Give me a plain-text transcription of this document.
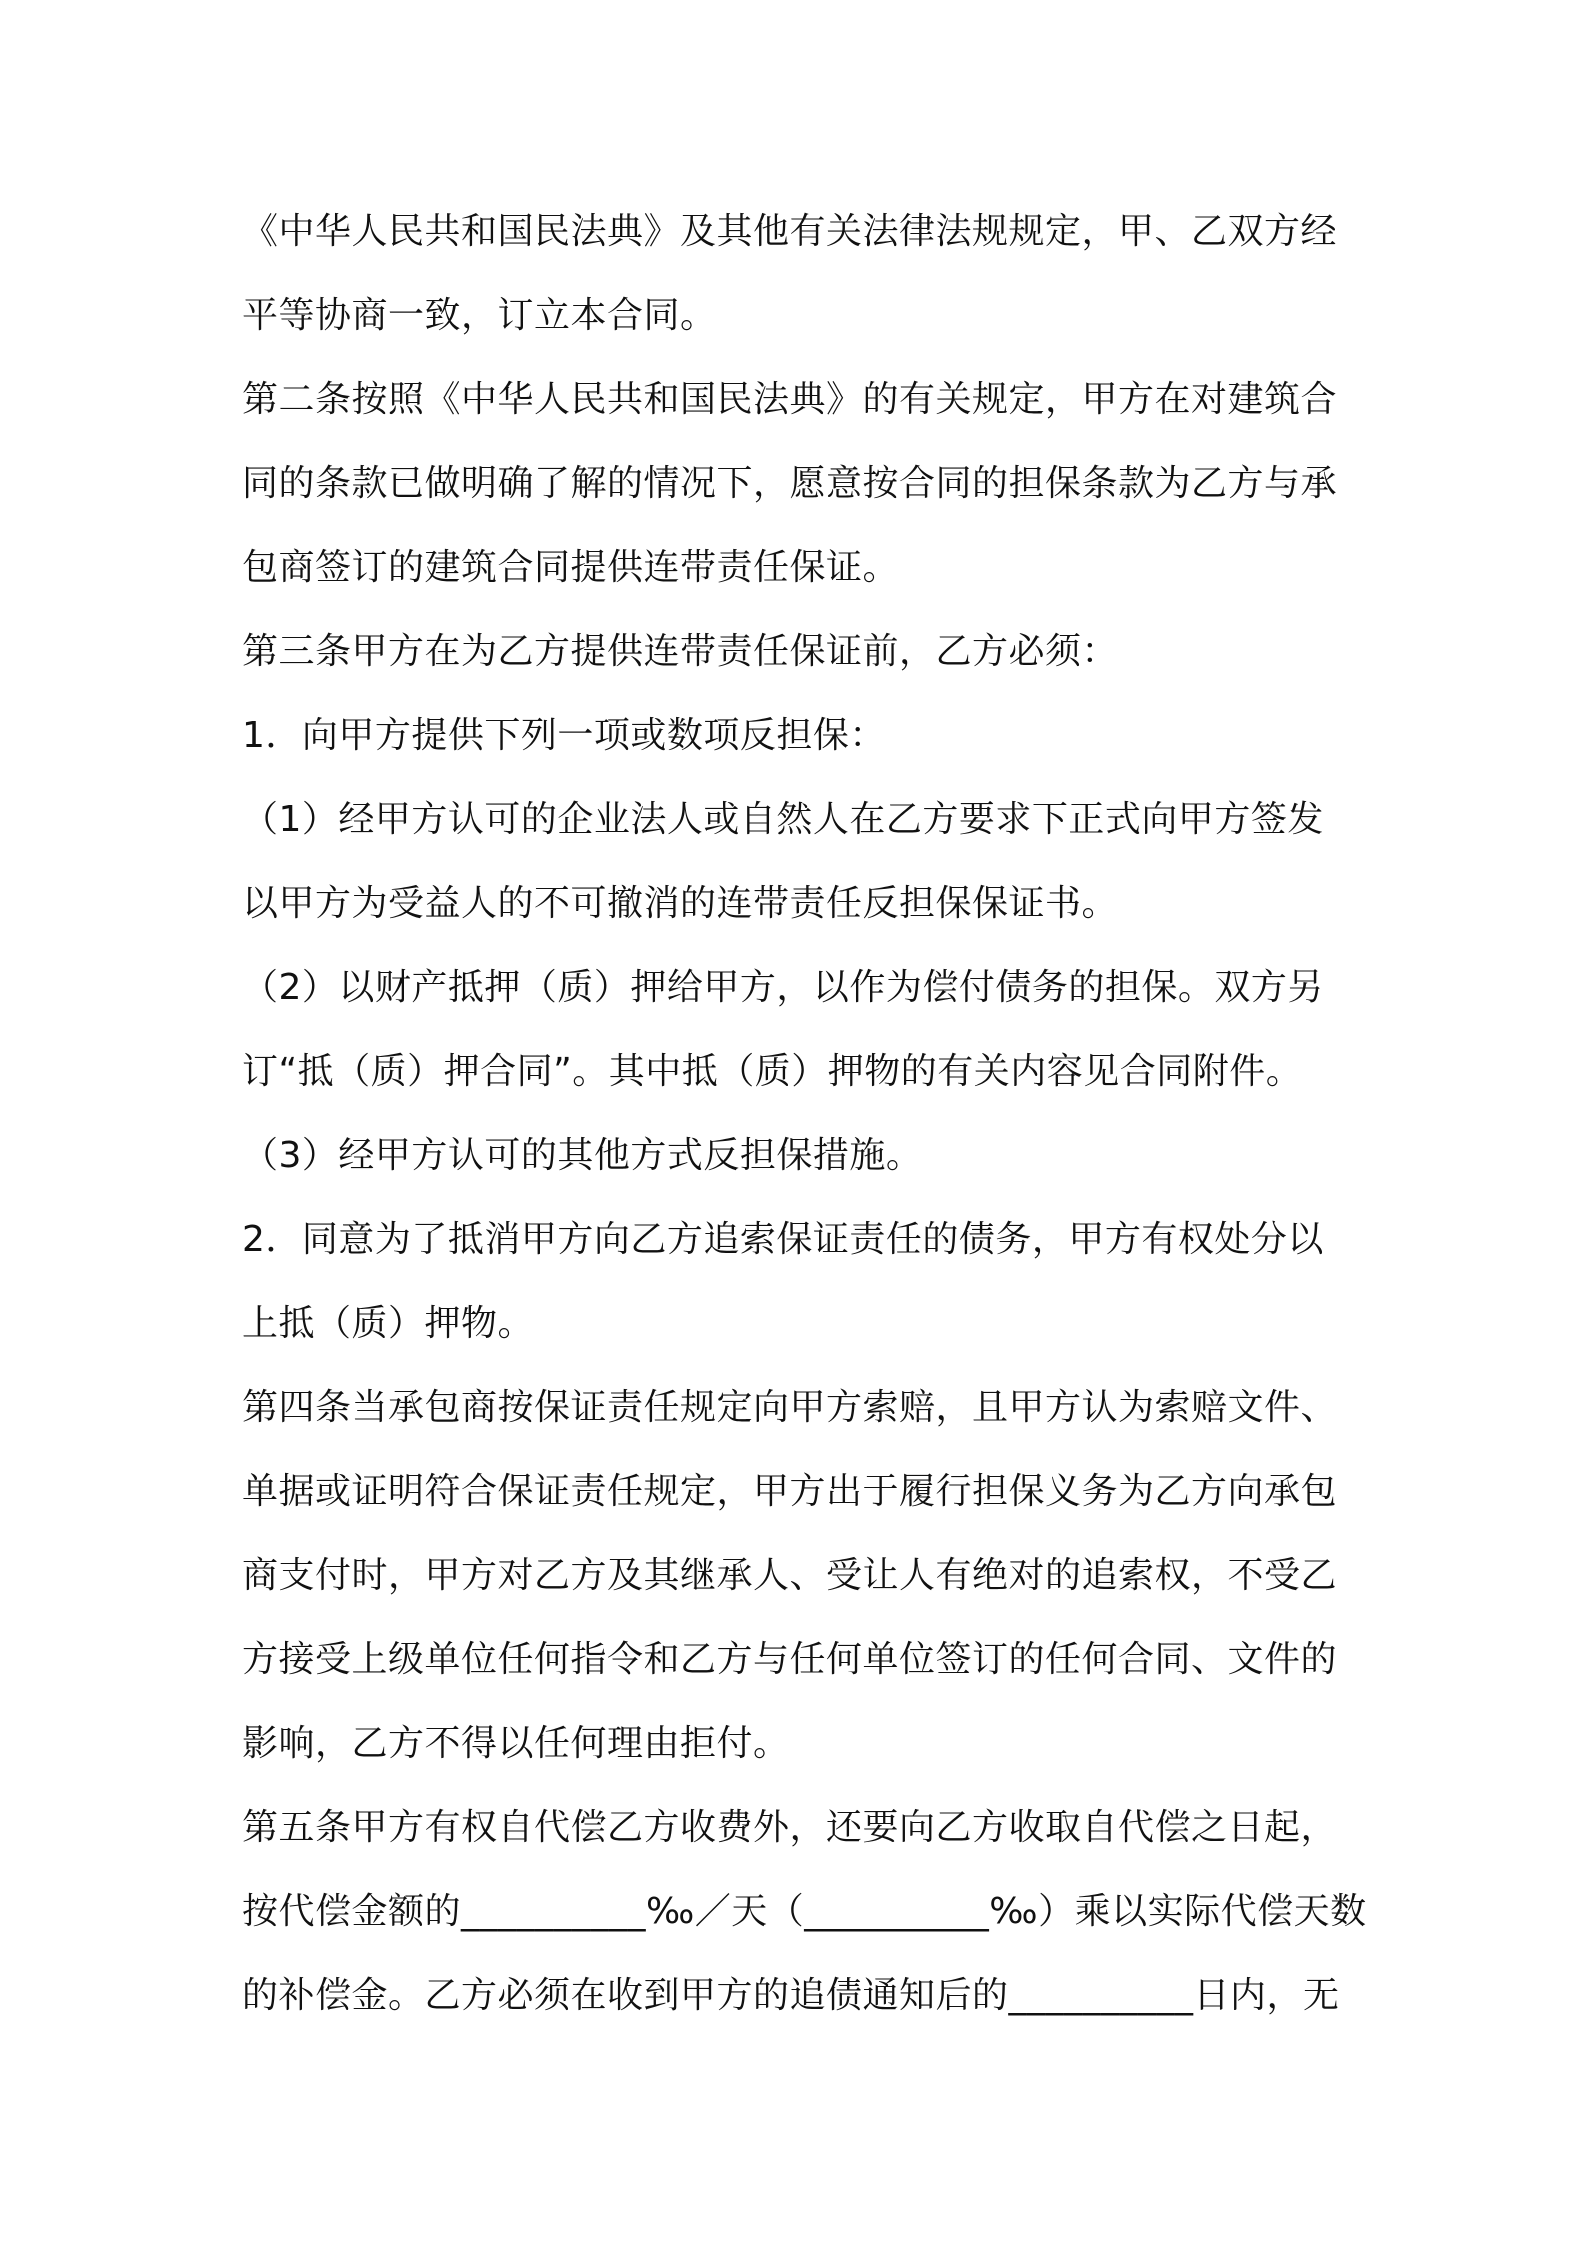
《中华人民共和国民法典》及其他有关法律法规规定，甲、乙双方经
平等协商一致，订立本合同。
第二条按照《中华人民共和国民法典》的有关规定，甲方在对建筑合
同的条款已做明确了解的情况下，愿意按合同的担保条款为乙方与承
包商签订的建筑合同提供连带责任保证。
第三条甲方在为乙方提供连带责任保证前，乙方必须：
1．向甲方提供下列一项或数项反担保：
（1）经甲方认可的企业法人或自然人在乙方要求下正式向甲方签发
以甲方为受益人的不可撤消的连带责任反担保保证书。
（2）以财产抵押（质）押给甲方，以作为偿付债务的担保。双方另
订“抵（质）押合同”。其中抵（质）押物的有关内容见合同附件。
（3）经甲方认可的其他方式反担保措施。
2．同意为了抵消甲方向乙方追索保证责任的债务，甲方有权处分以
上抵（质）押物。
第四条当承包商按保证责任规定向甲方索赔，且甲方认为索赔文件、
单据或证明符合保证责任规定，甲方出于履行担保义务为乙方向承包
商支付时，甲方对乙方及其继承人、受让人有绝对的追索权，不受乙
方接受上级单位任何指令和乙方与任何单位签订的任何合同、文件的
影响，乙方不得以任何理由拒付。
第五条甲方有权自代偿乙方收费外，还要向乙方收取自代偿之日起，
按代偿金额的__________‰／天（__________‰）乘以实际代偿天数
的补偿金。乙方必须在收到甲方的追债通知后的__________日内，无
